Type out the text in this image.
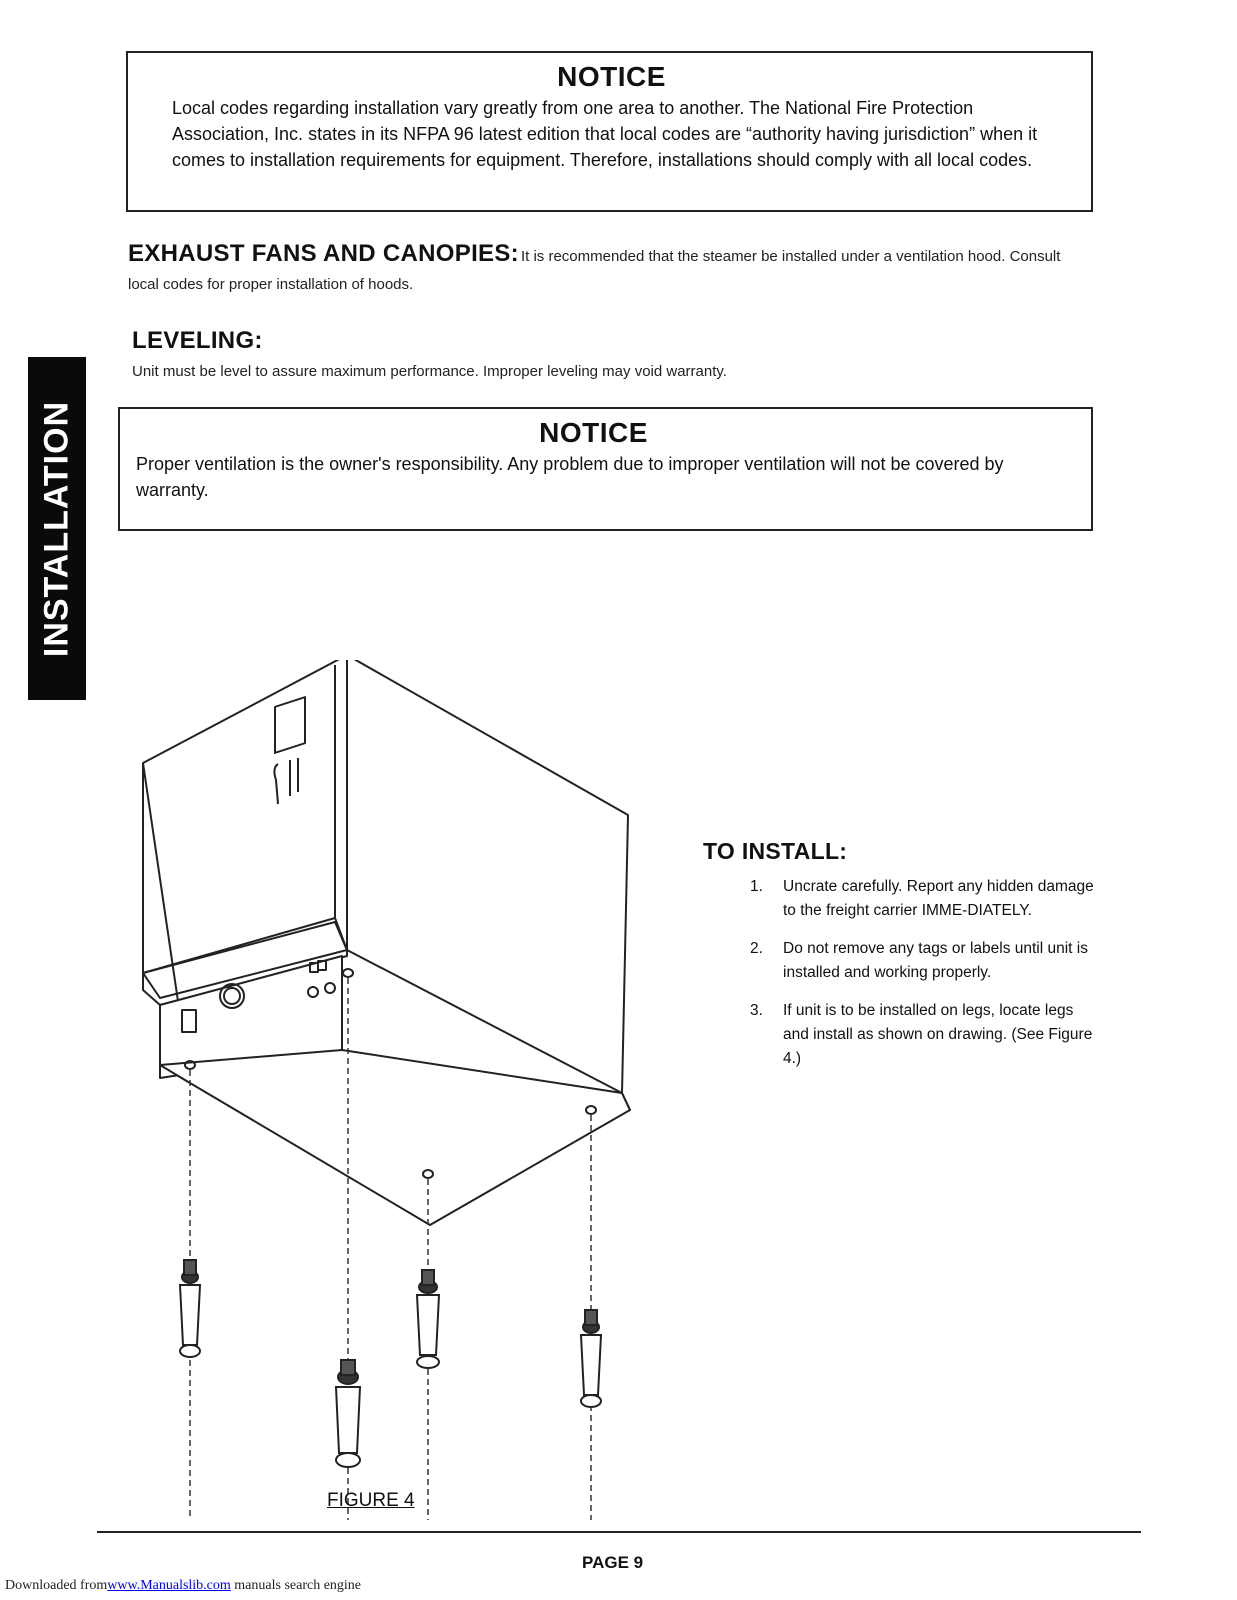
NOTICE

Local codes regarding installation vary greatly from one area to another. The National Fire Protection Association, Inc. states in its NFPA 96 latest edition that local codes are “authority having jurisdiction” when it comes to installation requirements for equipment. Therefore, installations should comply with all local codes.

EXHAUST FANS AND CANOPIES: It is recommended that the steamer be installed under a ventilation hood. Consult local codes for proper installation of hoods.
LEVELING:
Unit must be level to assure maximum performance. Improper leveling may void warranty.
NOTICE

Proper ventilation is the owner's responsibility. Any problem due to improper ventilation will not be covered by warranty.

INSTALLATION
FIGURE 4
TO INSTALL:
1. Uncrate carefully. Report any hidden damage to the freight carrier IMME-DIATELY.
2. Do not remove any tags or labels until unit is installed and working properly.
3. If unit is to be installed on legs, locate legs and install as shown on drawing. (See Figure 4.)
PAGE 9
Downloaded fromwww.Manualslib.com manuals search engine
